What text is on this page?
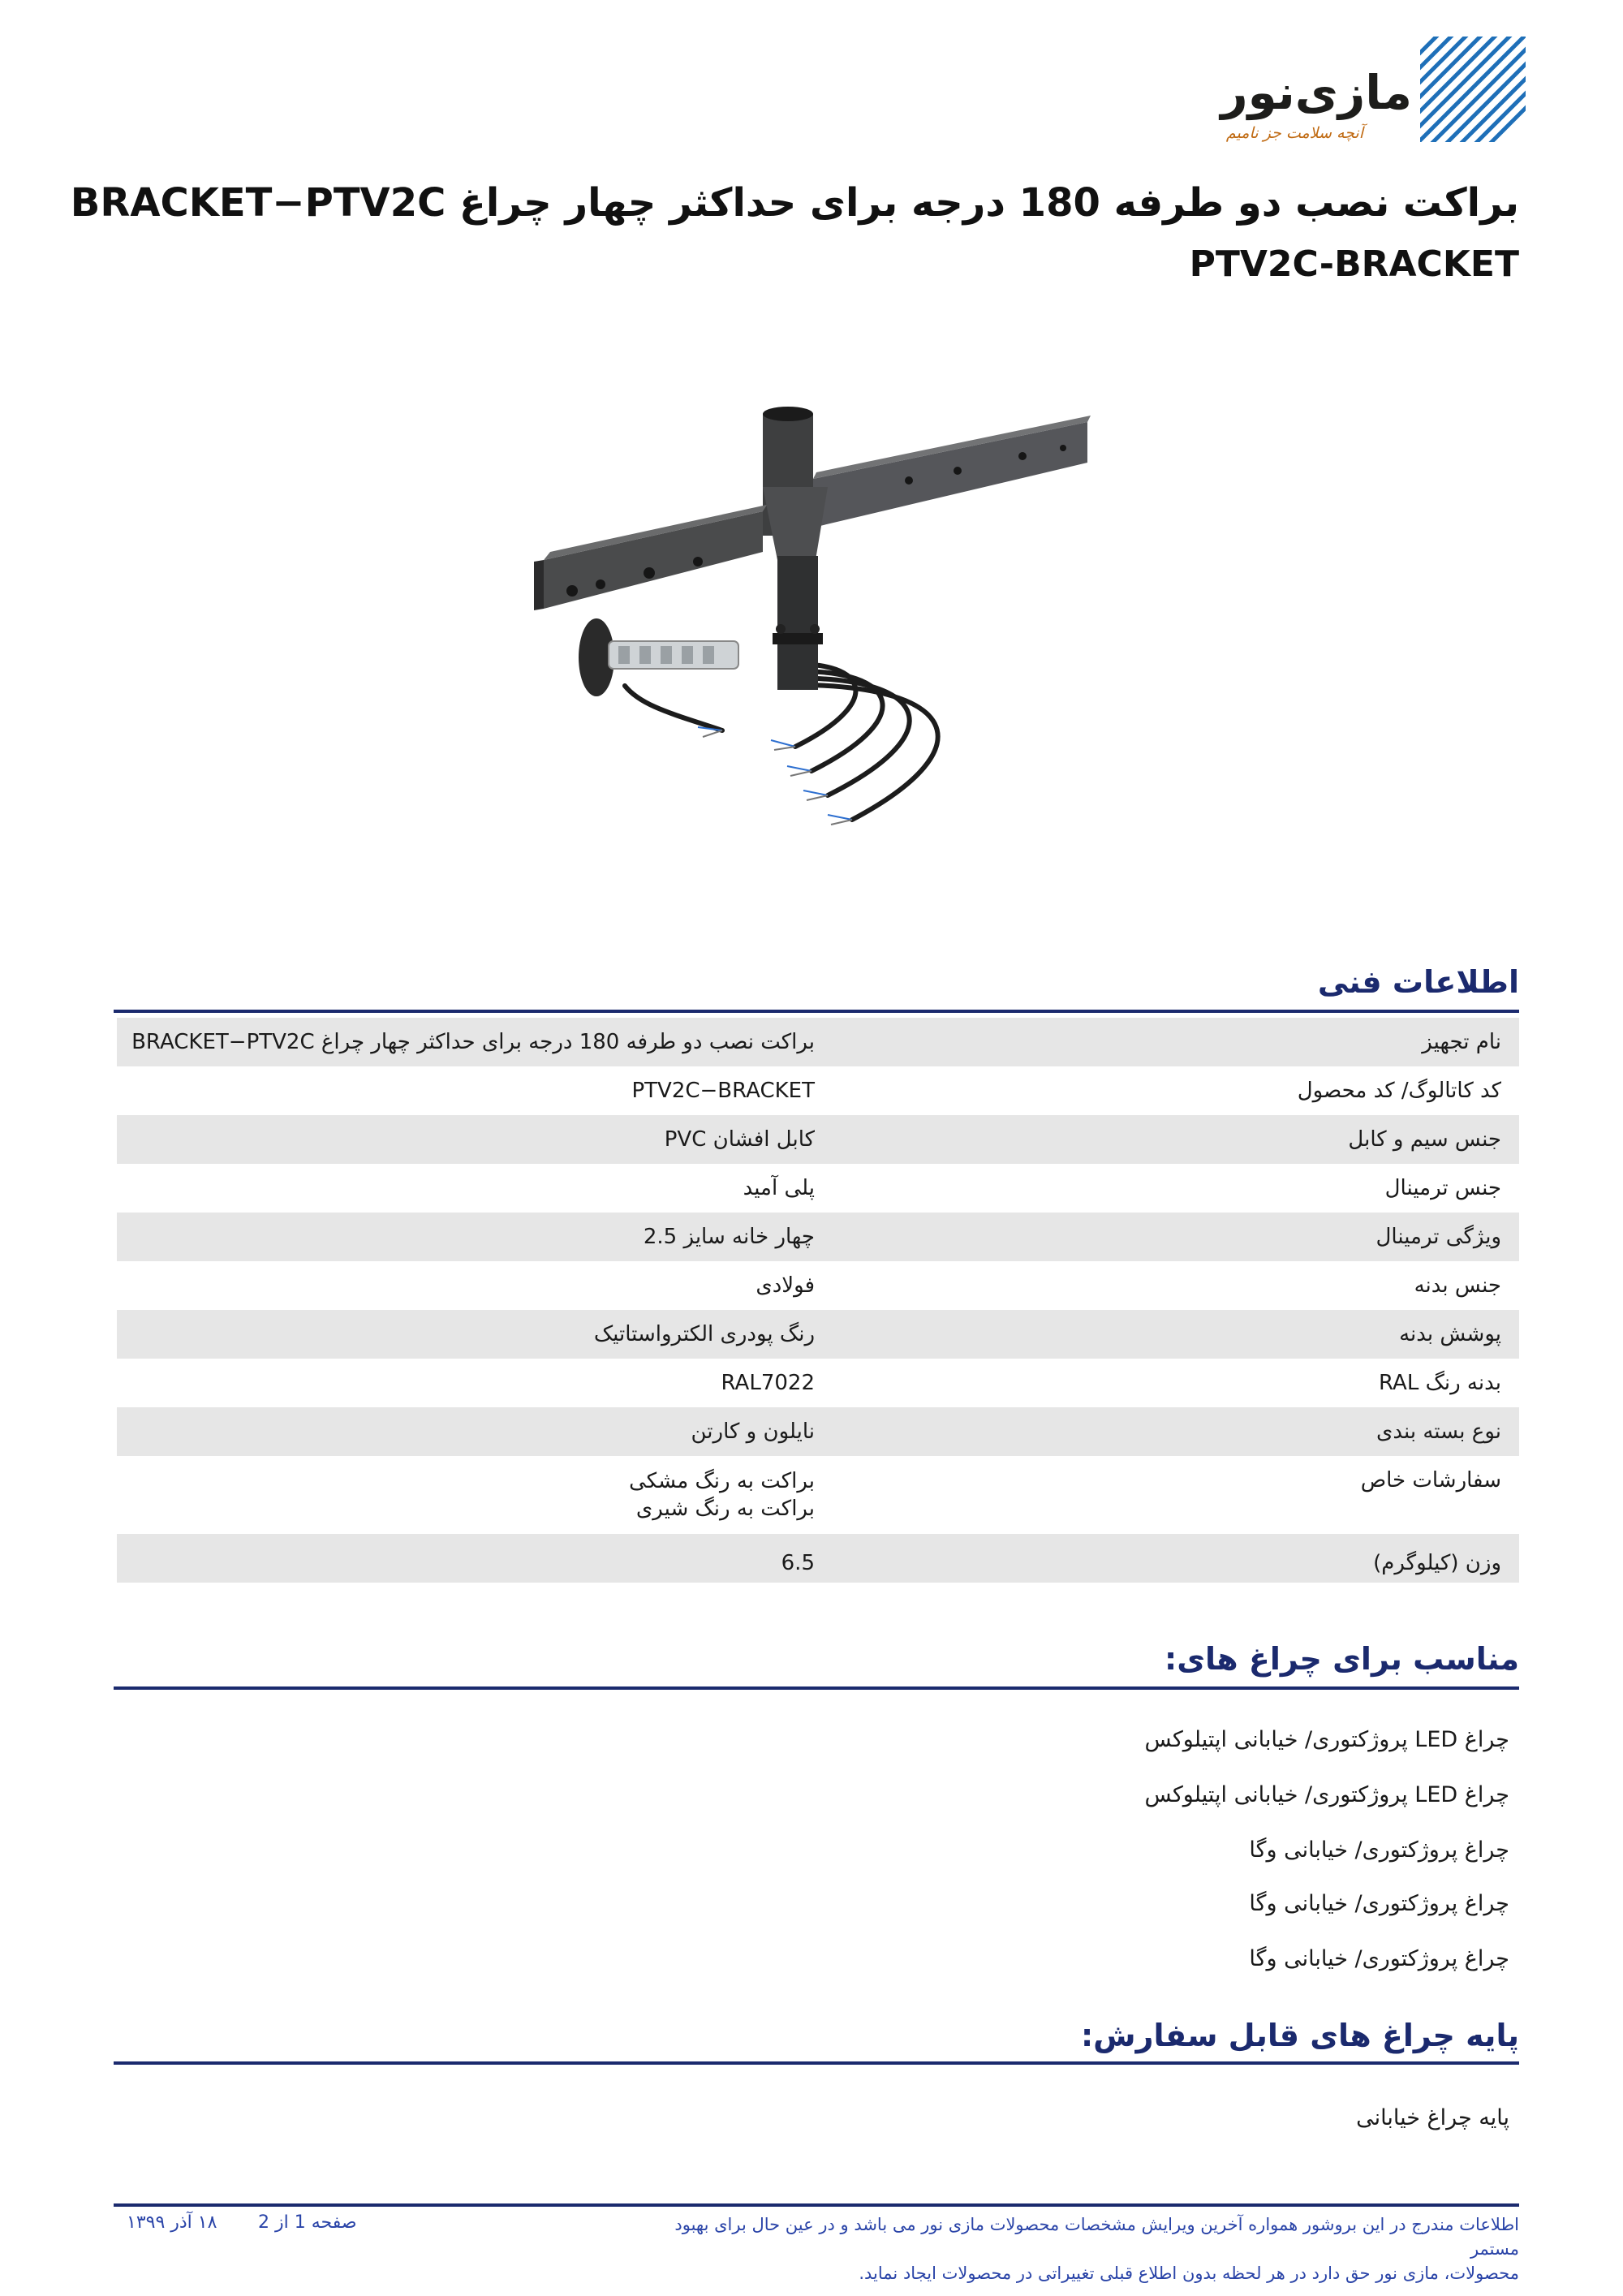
مازی‌نور
آنچه سلامت جز نامیم
براکت نصب دو طرفه 180 درجه برای حداکثر چهار چراغ BRACKET−PTV2C
PTV2C-BRACKET
اطلاعات فنی
نام تجهیز
براکت نصب دو طرفه 180 درجه برای حداکثر چهار چراغ BRACKET−PTV2C
کد کاتالوگ/ کد محصول
PTV2C−BRACKET
جنس سیم و کابل
کابل افشان PVC
جنس ترمینال
پلی آمید
ویژگی ترمینال
چهار خانه سایز 2.5
جنس بدنه
فولادی
پوشش بدنه
رنگ پودری الکترواستاتیک
بدنه رنگ RAL
RAL7022
نوع بسته بندی
نایلون و کارتن
سفارشات خاص
براکت به رنگ مشکی
براکت به رنگ شیری
وزن (کیلوگرم)
6.5
مناسب برای چراغ های:
چراغ LED پروژکتوری/ خیابانی اپتیلوکس
چراغ LED پروژکتوری/ خیابانی اپتیلوکس
چراغ پروژکتوری/ خیابانی وگا
چراغ پروژکتوری/ خیابانی وگا
چراغ پروژکتوری/ خیابانی وگا
پایه چراغ های قابل سفارش:
پایه چراغ خیابانی
اطلاعات مندرج در این بروشور همواره آخرین ویرایش مشخصات محصولات مازی نور می باشد و در عین حال برای بهبود مستمر
محصولات، مازی نور حق دارد در هر لحظه بدون اطلاع قبلی تغییراتی در محصولات ایجاد نماید.
صفحه 1 از 2
۱۸ آذر ۱۳۹۹
